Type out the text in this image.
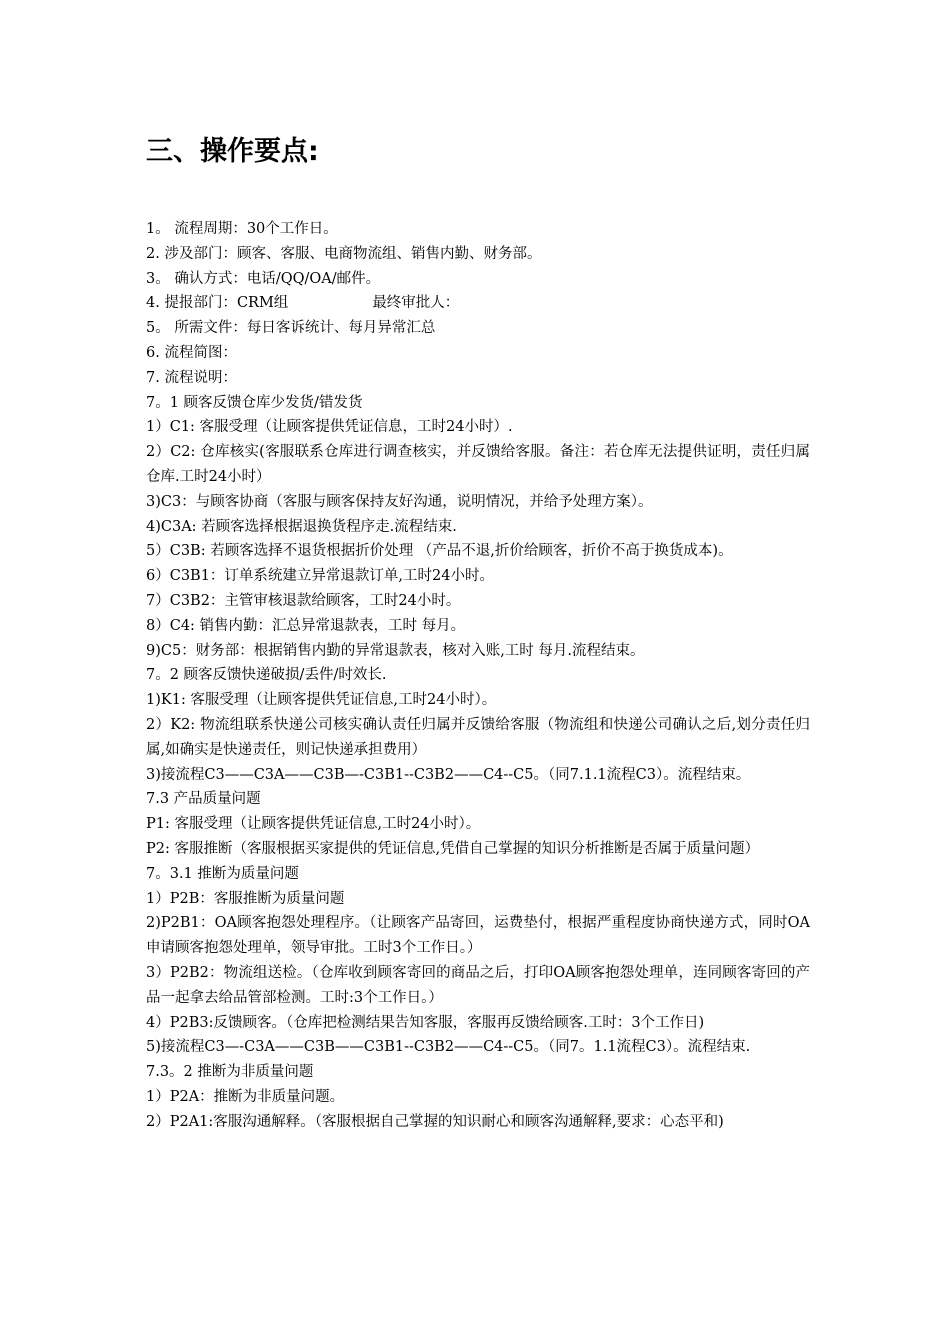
三、操作要点:

1。 流程周期：30个工作日。

2. 涉及部门：顾客、客服、电商物流组、销售内勤、财务部。

3。 确认方式：电话/QQ/OA/邮件。

4. 提报部门：CRM组	最终审批人：

5。 所需文件：每日客诉统计、每月异常汇总

6. 流程简图：

7. 流程说明：

7。1 顾客反馈仓库少发货/错发货

1）C1: 客服受理（让顾客提供凭证信息，工时24小时）.

2）C2: 仓库核实(客服联系仓库进行调查核实，并反馈给客服。备注：若仓库无法提供证明，责任归属仓库.工时24小时）

3)C3：与顾客协商（客服与顾客保持友好沟通，说明情况，并给予处理方案）。

4)C3A: 若顾客选择根据退换货程序走.流程结束.

5）C3B: 若顾客选择不退货根据折价处理 （产品不退,折价给顾客，折价不高于换货成本)。

6）C3B1：订单系统建立异常退款订单,工时24小时。

7）C3B2：主管审核退款给顾客，工时24小时。

8）C4: 销售内勤：汇总异常退款表，工时 每月。

9)C5：财务部：根据销售内勤的异常退款表，核对入账,工时 每月.流程结束。

7。2 顾客反馈快递破损/丢件/时效长.

1)K1: 客服受理（让顾客提供凭证信息,工时24小时）。

2）K2: 物流组联系快递公司核实确认责任归属并反馈给客服（物流组和快递公司确认之后,划分责任归属,如确实是快递责任，则记快递承担费用）

3)接流程C3——C3A——C3B—-C3B1--C3B2——C4--C5。（同7.1.1流程C3）。流程结束。

7.3 产品质量问题

P1: 客服受理（让顾客提供凭证信息,工时24小时）。

P2: 客服推断（客服根据买家提供的凭证信息,凭借自己掌握的知识分析推断是否属于质量问题）

7。3.1 推断为质量问题

1）P2B：客服推断为质量问题

2)P2B1：OA顾客抱怨处理程序。（让顾客产品寄回，运费垫付，根据严重程度协商快递方式，同时OA申请顾客抱怨处理单，领导审批。工时3个工作日。）

3）P2B2：物流组送检。（仓库收到顾客寄回的商品之后，打印OA顾客抱怨处理单，连同顾客寄回的产品一起拿去给品管部检测。工时:3个工作日。）

4）P2B3:反馈顾客。（仓库把检测结果告知客服，客服再反馈给顾客.工时：3个工作日)

5)接流程C3—-C3A——C3B——C3B1--C3B2——C4--C5。（同7。1.1流程C3）。流程结束.

7.3。2 推断为非质量问题

1）P2A：推断为非质量问题。

2）P2A1:客服沟通解释。（客服根据自己掌握的知识耐心和顾客沟通解释,要求：心态平和)
